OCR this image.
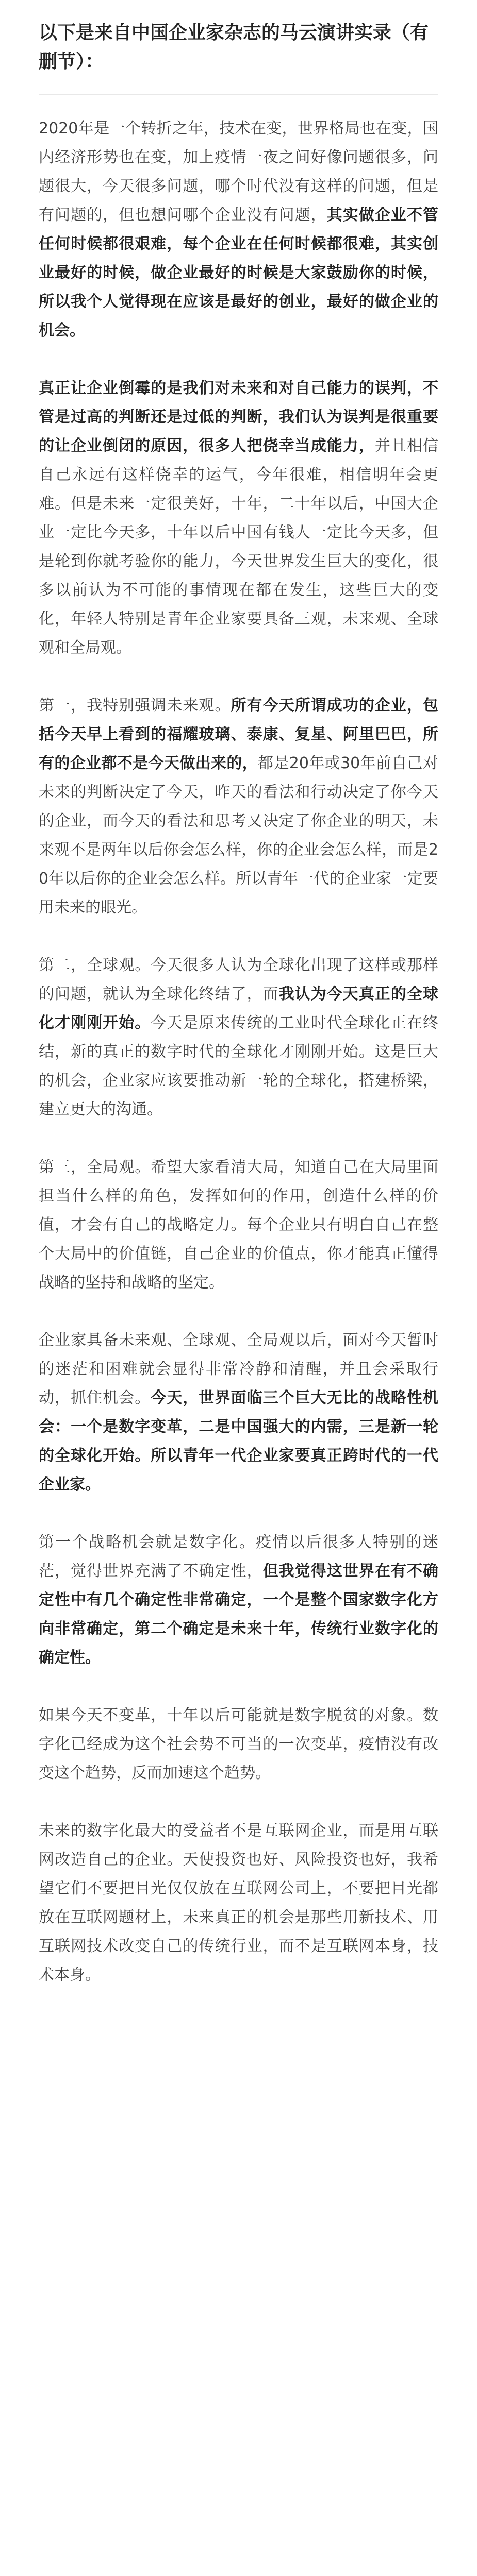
以下是来自中国企业家杂志的马云演讲实录（有删节）：

2020年是一个转折之年，技术在变，世界格局也在变，国内经济形势也在变，加上疫情一夜之间好像问题很多，问题很大，今天很多问题，哪个时代没有这样的问题，但是有问题的，但也想问哪个企业没有问题，其实做企业不管任何时候都很艰难，每个企业在任何时候都很难，其实创业最好的时候，做企业最好的时候是大家鼓励你的时候，所以我个人觉得现在应该是最好的创业，最好的做企业的机会。

真正让企业倒霉的是我们对未来和对自己能力的误判，不管是过高的判断还是过低的判断，我们认为误判是很重要的让企业倒闭的原因，很多人把侥幸当成能力，并且相信自己永远有这样侥幸的运气，今年很难，相信明年会更难。但是未来一定很美好，十年，二十年以后，中国大企业一定比今天多，十年以后中国有钱人一定比今天多，但是轮到你就考验你的能力，今天世界发生巨大的变化，很多以前认为不可能的事情现在都在发生，这些巨大的变化，年轻人特别是青年企业家要具备三观，未来观、全球观和全局观。

第一，我特别强调未来观。所有今天所谓成功的企业，包括今天早上看到的福耀玻璃、泰康、复星、阿里巴巴，所有的企业都不是今天做出来的，都是20年或30年前自己对未来的判断决定了今天，昨天的看法和行动决定了你今天的企业，而今天的看法和思考又决定了你企业的明天，未来观不是两年以后你会怎么样，你的企业会怎么样，而是20年以后你的企业会怎么样。所以青年一代的企业家一定要用未来的眼光。

第二，全球观。今天很多人认为全球化出现了这样或那样的问题，就认为全球化终结了，而我认为今天真正的全球化才刚刚开始。今天是原来传统的工业时代全球化正在终结，新的真正的数字时代的全球化才刚刚开始。这是巨大的机会，企业家应该要推动新一轮的全球化，搭建桥梁，建立更大的沟通。

第三，全局观。希望大家看清大局，知道自己在大局里面担当什么样的角色，发挥如何的作用，创造什么样的价值，才会有自己的战略定力。每个企业只有明白自己在整个大局中的价值链，自己企业的价值点，你才能真正懂得战略的坚持和战略的坚定。

企业家具备未来观、全球观、全局观以后，面对今天暂时的迷茫和困难就会显得非常冷静和清醒，并且会采取行动，抓住机会。今天，世界面临三个巨大无比的战略性机会：一个是数字变革，二是中国强大的内需，三是新一轮的全球化开始。所以青年一代企业家要真正跨时代的一代企业家。

第一个战略机会就是数字化。疫情以后很多人特别的迷茫，觉得世界充满了不确定性，但我觉得这世界在有不确定性中有几个确定性非常确定，一个是整个国家数字化方向非常确定，第二个确定是未来十年，传统行业数字化的确定性。

如果今天不变革，十年以后可能就是数字脱贫的对象。数字化已经成为这个社会势不可当的一次变革，疫情没有改变这个趋势，反而加速这个趋势。

未来的数字化最大的受益者不是互联网企业，而是用互联网改造自己的企业。天使投资也好、风险投资也好，我希望它们不要把目光仅仅放在互联网公司上，不要把目光都放在互联网题材上，未来真正的机会是那些用新技术、用互联网技术改变自己的传统行业，而不是互联网本身，技术本身。
